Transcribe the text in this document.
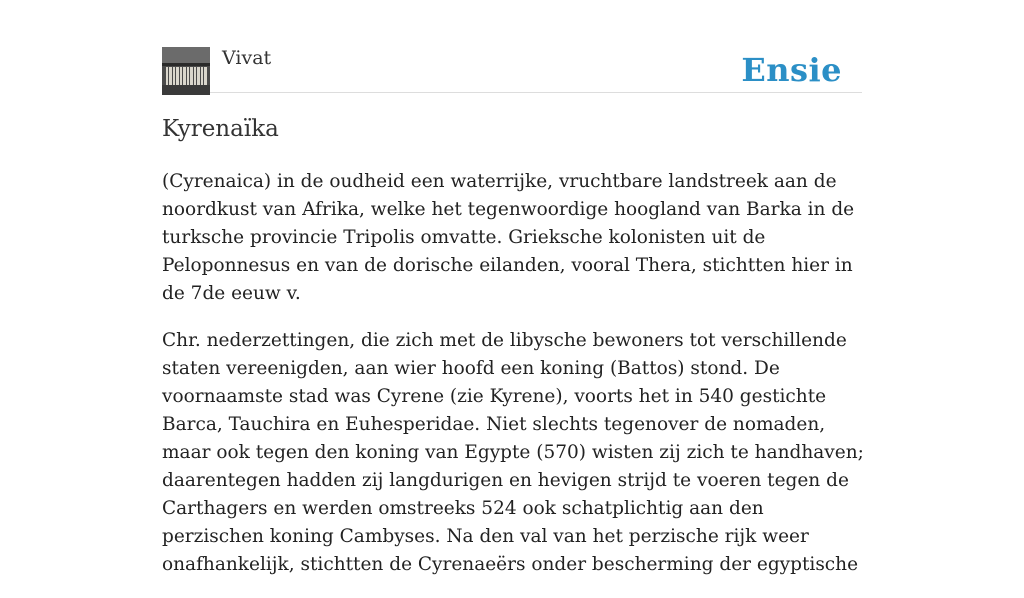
Vivat	Ensie
Kyrenaïka

(Cyrenaica) in de oudheid een waterrijke, vruchtbare landstreek aan de noordkust van Afrika, welke het tegenwoordige hoogland van Barka in de turksche provincie Tripolis omvatte. Grieksche kolonisten uit de Peloponnesus en van de dorische eilanden, vooral Thera, stichtten hier in de 7de eeuw v.

Chr. nederzettingen, die zich met de libysche bewoners tot verschillende staten vereenigden, aan wier hoofd een koning (Battos) stond. De voornaamste stad was Cyrene (zie Kyrene), voorts het in 540 gestichte Barca, Tauchira en Euhesperidae. Niet slechts tegenover de nomaden, maar ook tegen den koning van Egypte (570) wisten zij zich te handhaven; daarentegen hadden zij langdurigen en hevigen strijd te voeren tegen de Carthagers en werden omstreeks 524 ook schatplichtig aan den perzischen koning Cambyses. Na den val van het perzische rijk weer onafhankelijk, stichtten de Cyrenaeërs onder bescherming der egyptische
